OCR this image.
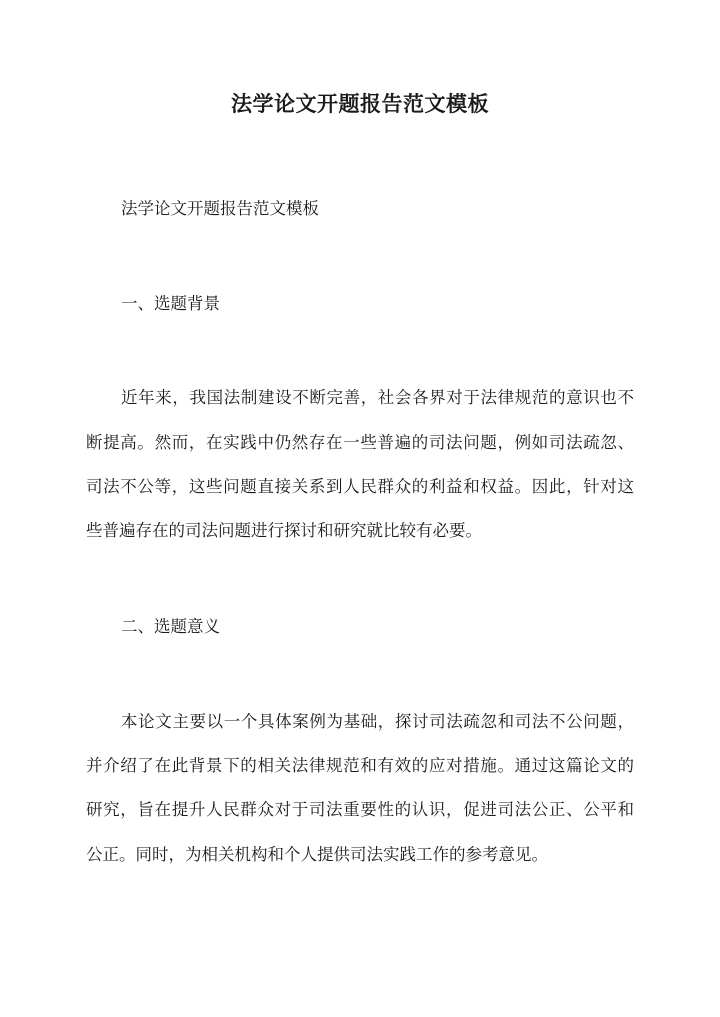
法学论文开题报告范文模板
法学论文开题报告范文模板
一、选题背景
近年来，我国法制建设不断完善，社会各界对于法律规范的意识也不
断提高。然而，在实践中仍然存在一些普遍的司法问题，例如司法疏忽、
司法不公等，这些问题直接关系到人民群众的利益和权益。因此，针对这
些普遍存在的司法问题进行探讨和研究就比较有必要。
二、选题意义
本论文主要以一个具体案例为基础，探讨司法疏忽和司法不公问题，
并介绍了在此背景下的相关法律规范和有效的应对措施。通过这篇论文的
研究，旨在提升人民群众对于司法重要性的认识，促进司法公正、公平和
公正。同时，为相关机构和个人提供司法实践工作的参考意见。
